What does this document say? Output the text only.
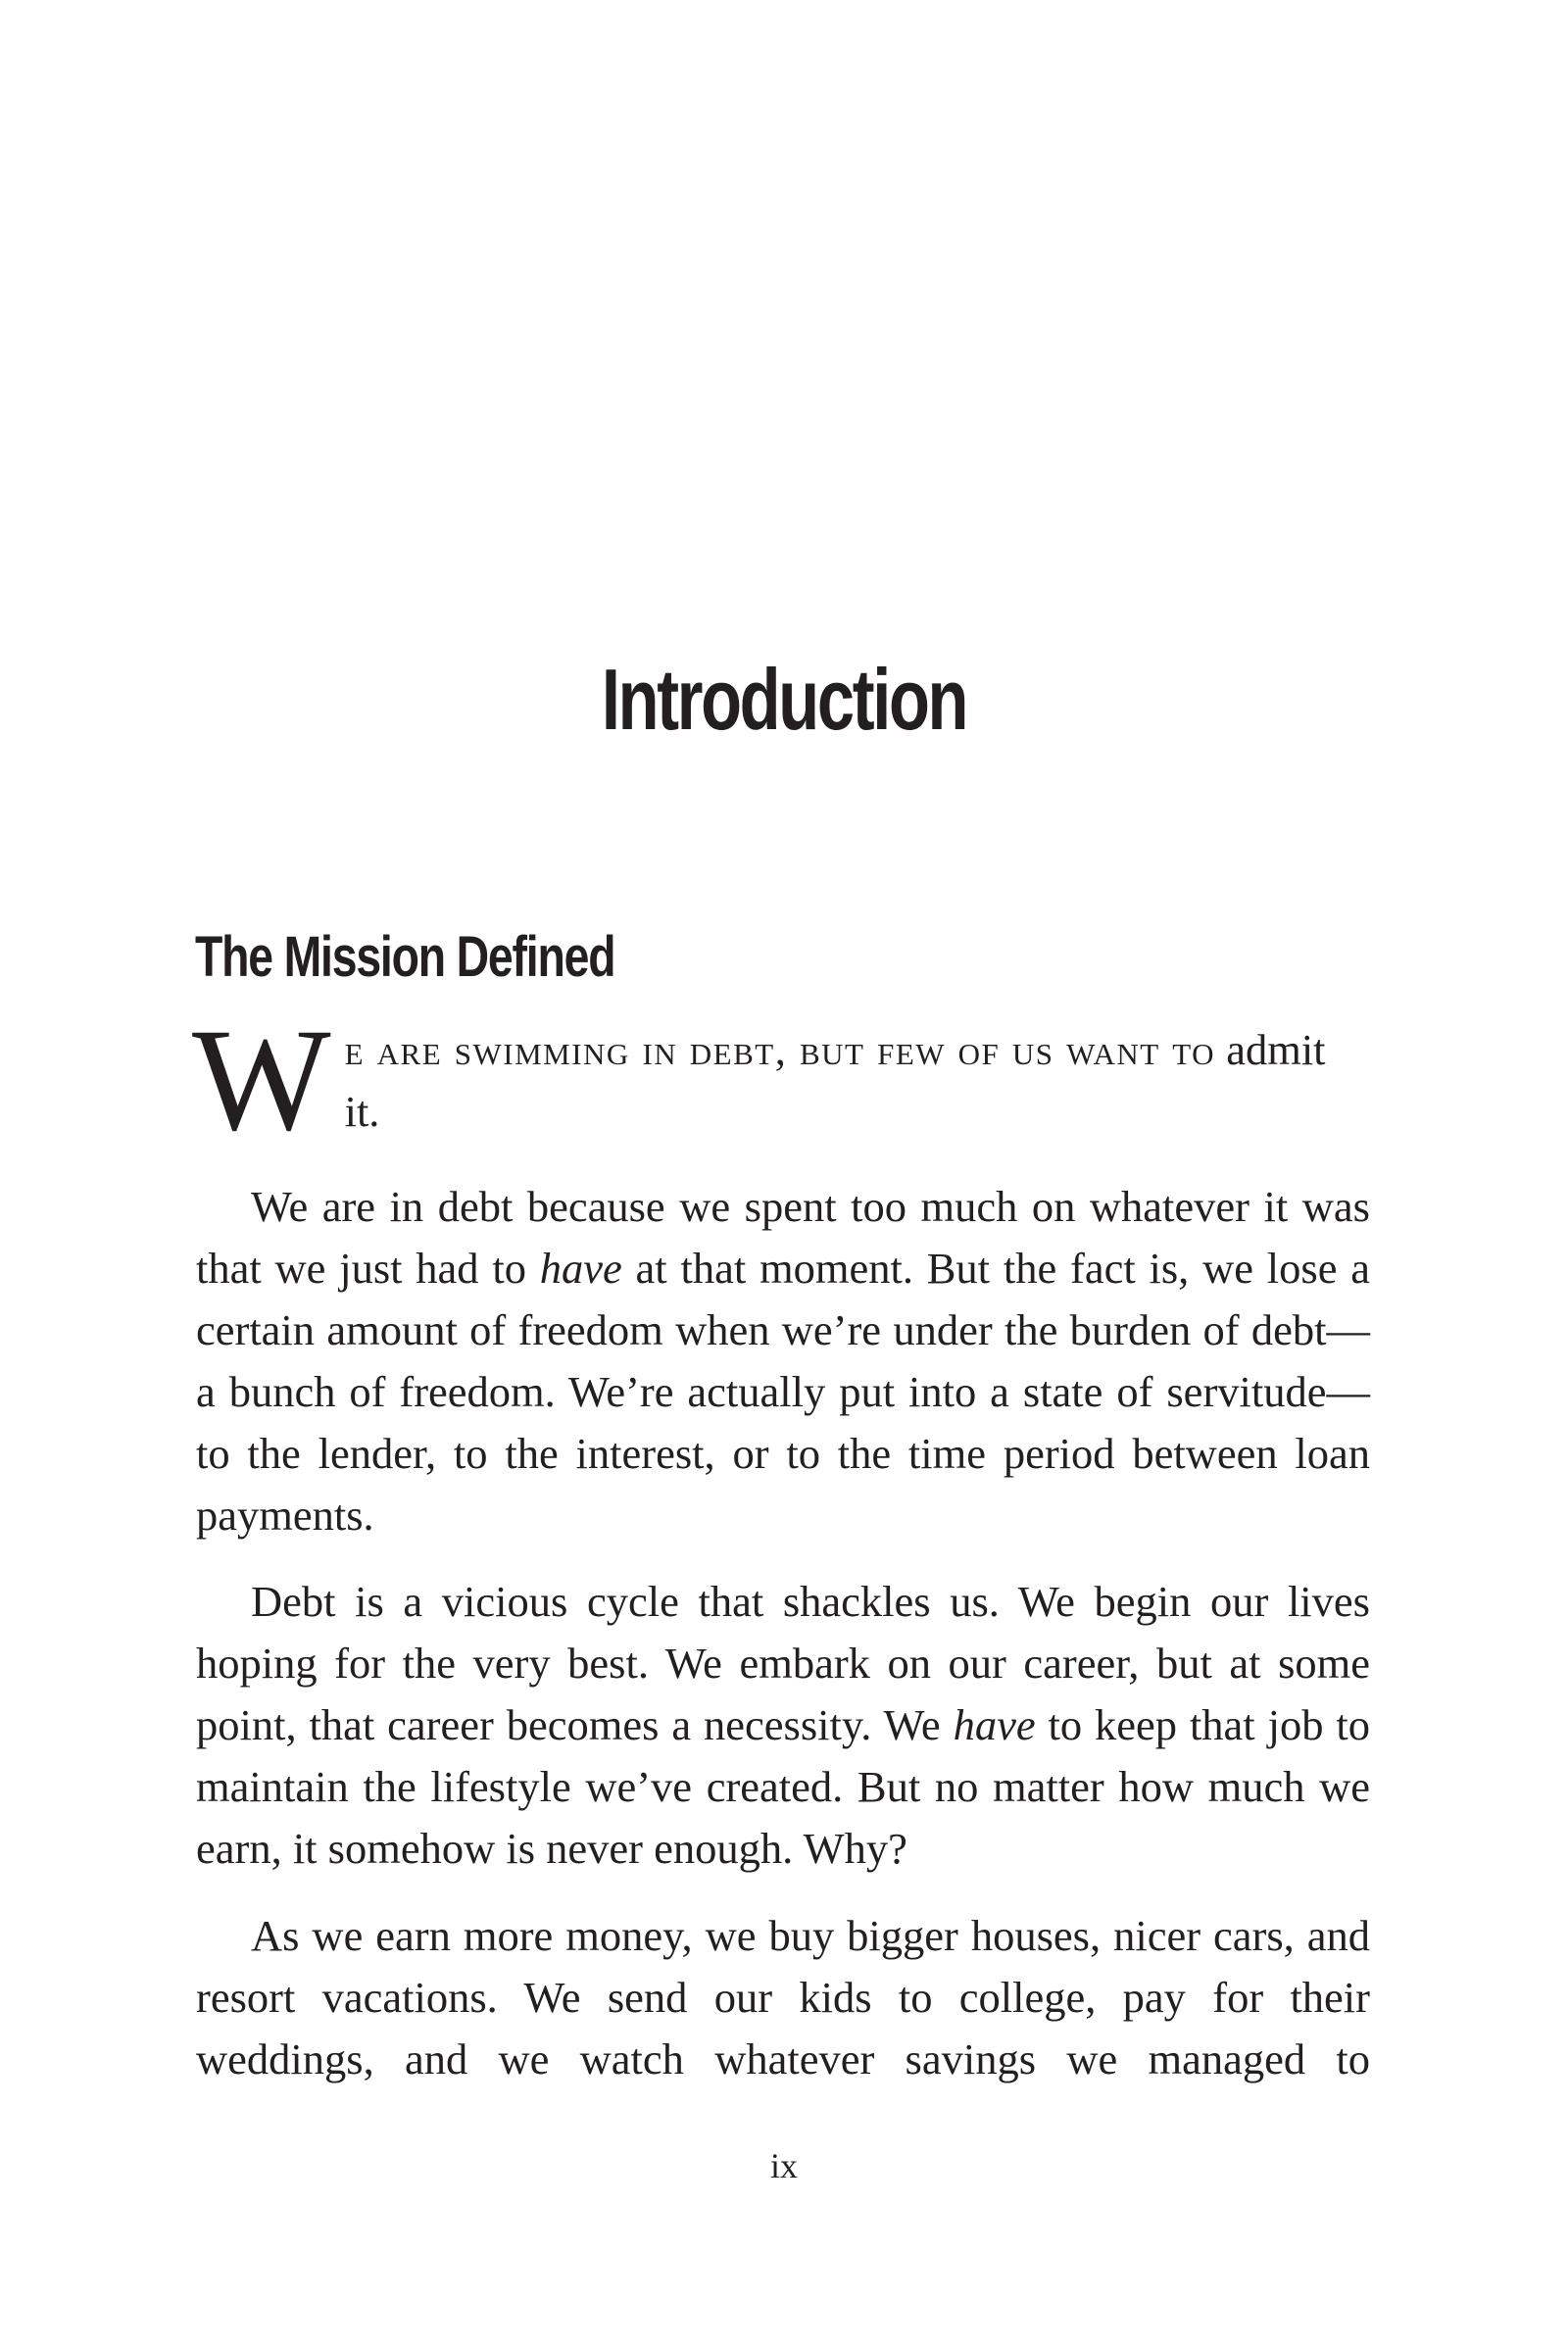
Introduction
The Mission Defined

We are swimming in debt, but few of us want to admit it.

We are in debt because we spent too much on whatever it was that we just had to have at that moment. But the fact is, we lose a certain amount of freedom when we’re under the burden of debt—a bunch of freedom. We’re actually put into a state of servitude—to the lender, to the interest, or to the time period between loan payments.

Debt is a vicious cycle that shackles us. We begin our lives hoping for the very best. We embark on our career, but at some point, that career becomes a necessity. We have to keep that job to maintain the lifestyle we’ve created. But no matter how much we earn, it somehow is never enough. Why?

As we earn more money, we buy bigger houses, nicer cars, and resort vacations. We send our kids to college, pay for their weddings, and we watch whatever savings we managed to

ix
